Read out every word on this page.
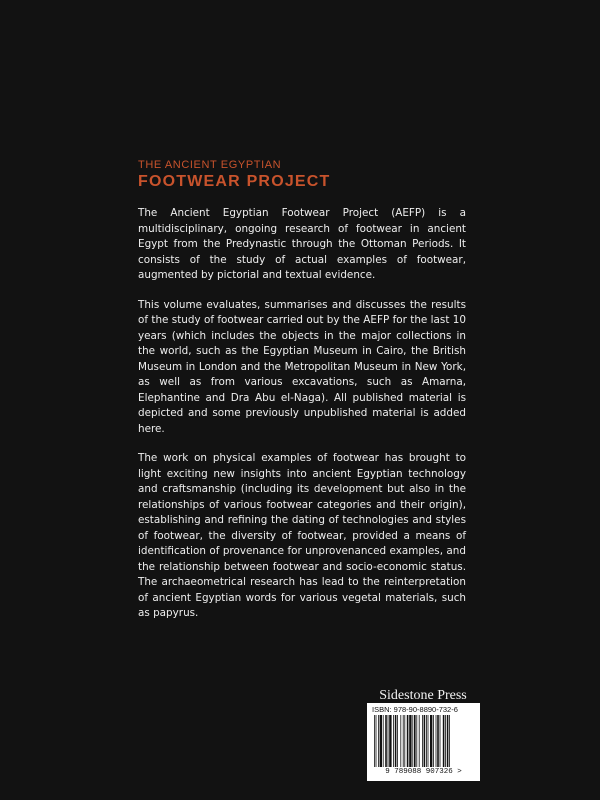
THE ANCIENT EGYPTIAN
FOOTWEAR PROJECT

The Ancient Egyptian Footwear Project (AEFP) is a multidisciplinary, ongoing research of footwear in ancient Egypt from the Predynastic through the Ottoman Periods. It consists of the study of actual examples of footwear, augmented by pictorial and textual evidence.

This volume evaluates, summarises and discusses the results of the study of footwear carried out by the AEFP for the last 10 years (which includes the objects in the major collections in the world, such as the Egyptian Museum in Cairo, the British Museum in London and the Metropolitan Museum in New York, as well as from various excavations, such as Amarna, Elephantine and Dra Abu el-Naga). All published material is depicted and some previously unpublished material is added here.

The work on physical examples of footwear has brought to light exciting new insights into ancient Egyptian technology and craftsmanship (including its development but also in the relationships of various footwear categories and their origin), establishing and refining the dating of technologies and styles of footwear, the diversity of footwear, provided a means of identification of provenance for unprovenanced examples, and the relationship between footwear and socio-economic status. The archaeometrical research has lead to the reinterpretation of ancient Egyptian words for various vegetal materials, such as papyrus.

Sidestone Press
ISBN: 978-90-8890-732-6
9 789088 907326 >
